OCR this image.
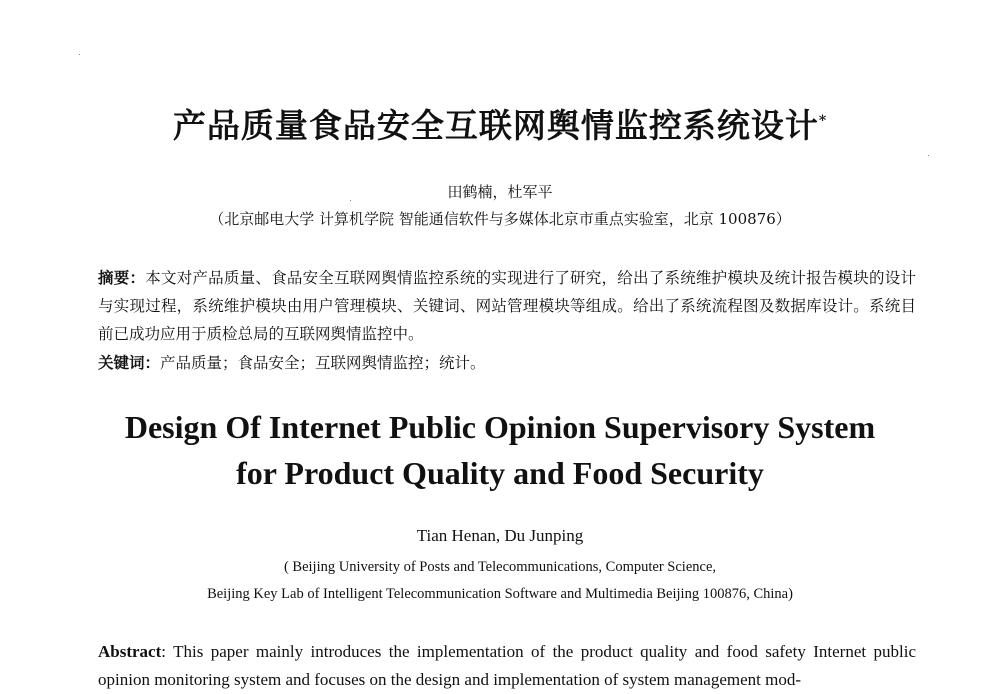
产品质量食品安全互联网舆情监控系统设计*
田鹤楠，杜军平
（北京邮电大学 计算机学院 智能通信软件与多媒体北京市重点实验室，北京 100876）
摘要：本文对产品质量、食品安全互联网舆情监控系统的实现进行了研究，给出了系统维护模块及统计报告模块的设计与实现过程，系统维护模块由用户管理模块、关键词、网站管理模块等组成。给出了系统流程图及数据库设计。系统目前已成功应用于质检总局的互联网舆情监控中。
关键词：产品质量；食品安全；互联网舆情监控；统计。
Design Of Internet Public Opinion Supervisory System
for Product Quality and Food Security
Tian Henan, Du Junping
( Beijing University of Posts and Telecommunications, Computer Science,
Beijing Key Lab of Intelligent Telecommunication Software and Multimedia Beijing 100876, China)
Abstract: This paper mainly introduces the implementation of the product quality and food safety Internet public opinion monitoring system and focuses on the design and implementation of system management mod-
